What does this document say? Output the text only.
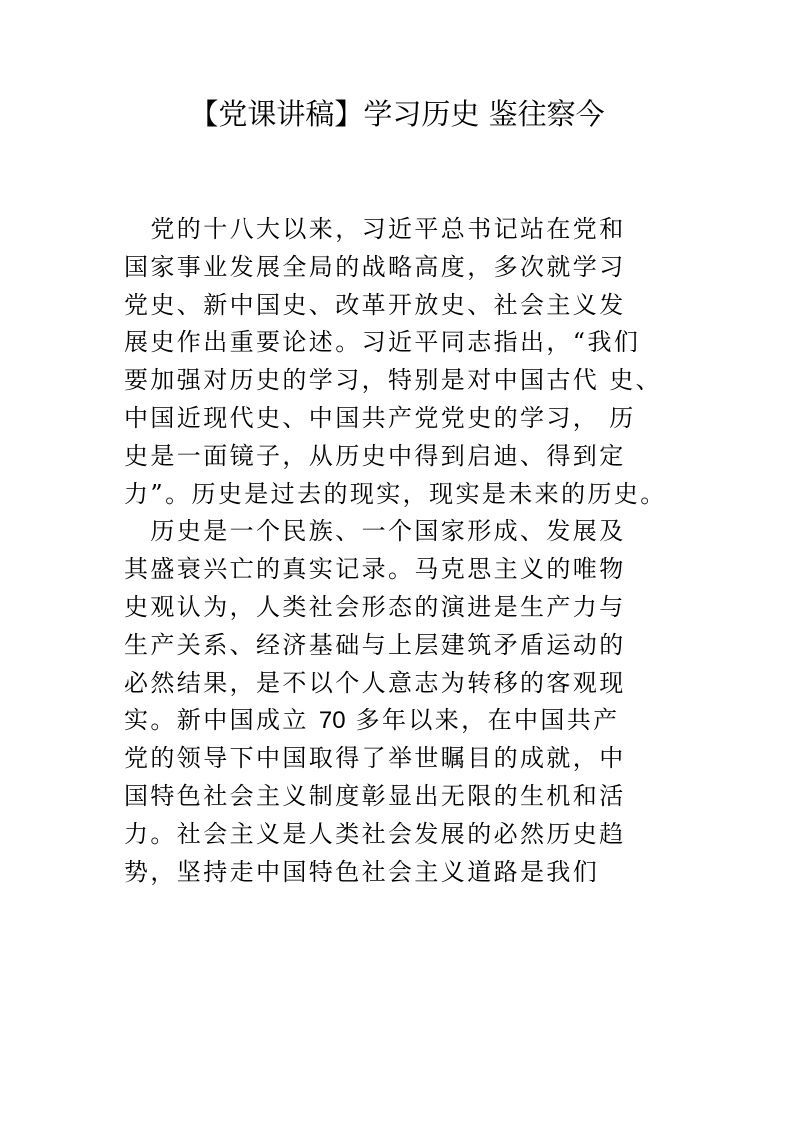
【党课讲稿】学习历史 鉴往察今
　党的十八大以来，习近平总书记站在党和
国家事业发展全局的战略高度，多次就学习
党史、新中国史、改革开放史、社会主义发
展史作出重要论述。习近平同志指出，“我们
要加强对历史的学习，特别是对中国古代 史、
中国近现代史、中国共产党党史的学习， 历
史是一面镜子，从历史中得到启迪、得到定
力”。历史是过去的现实，现实是未来的历史。
　历史是一个民族、一个国家形成、发展及
其盛衰兴亡的真实记录。马克思主义的唯物
史观认为，人类社会形态的演进是生产力与
生产关系、经济基础与上层建筑矛盾运动的
必然结果，是不以个人意志为转移的客观现
实。新中国成立 70 多年以来，在中国共产
党的领导下中国取得了举世瞩目的成就，中
国特色社会主义制度彰显出无限的生机和活
力。社会主义是人类社会发展的必然历史趋
势，坚持走中国特色社会主义道路是我们
